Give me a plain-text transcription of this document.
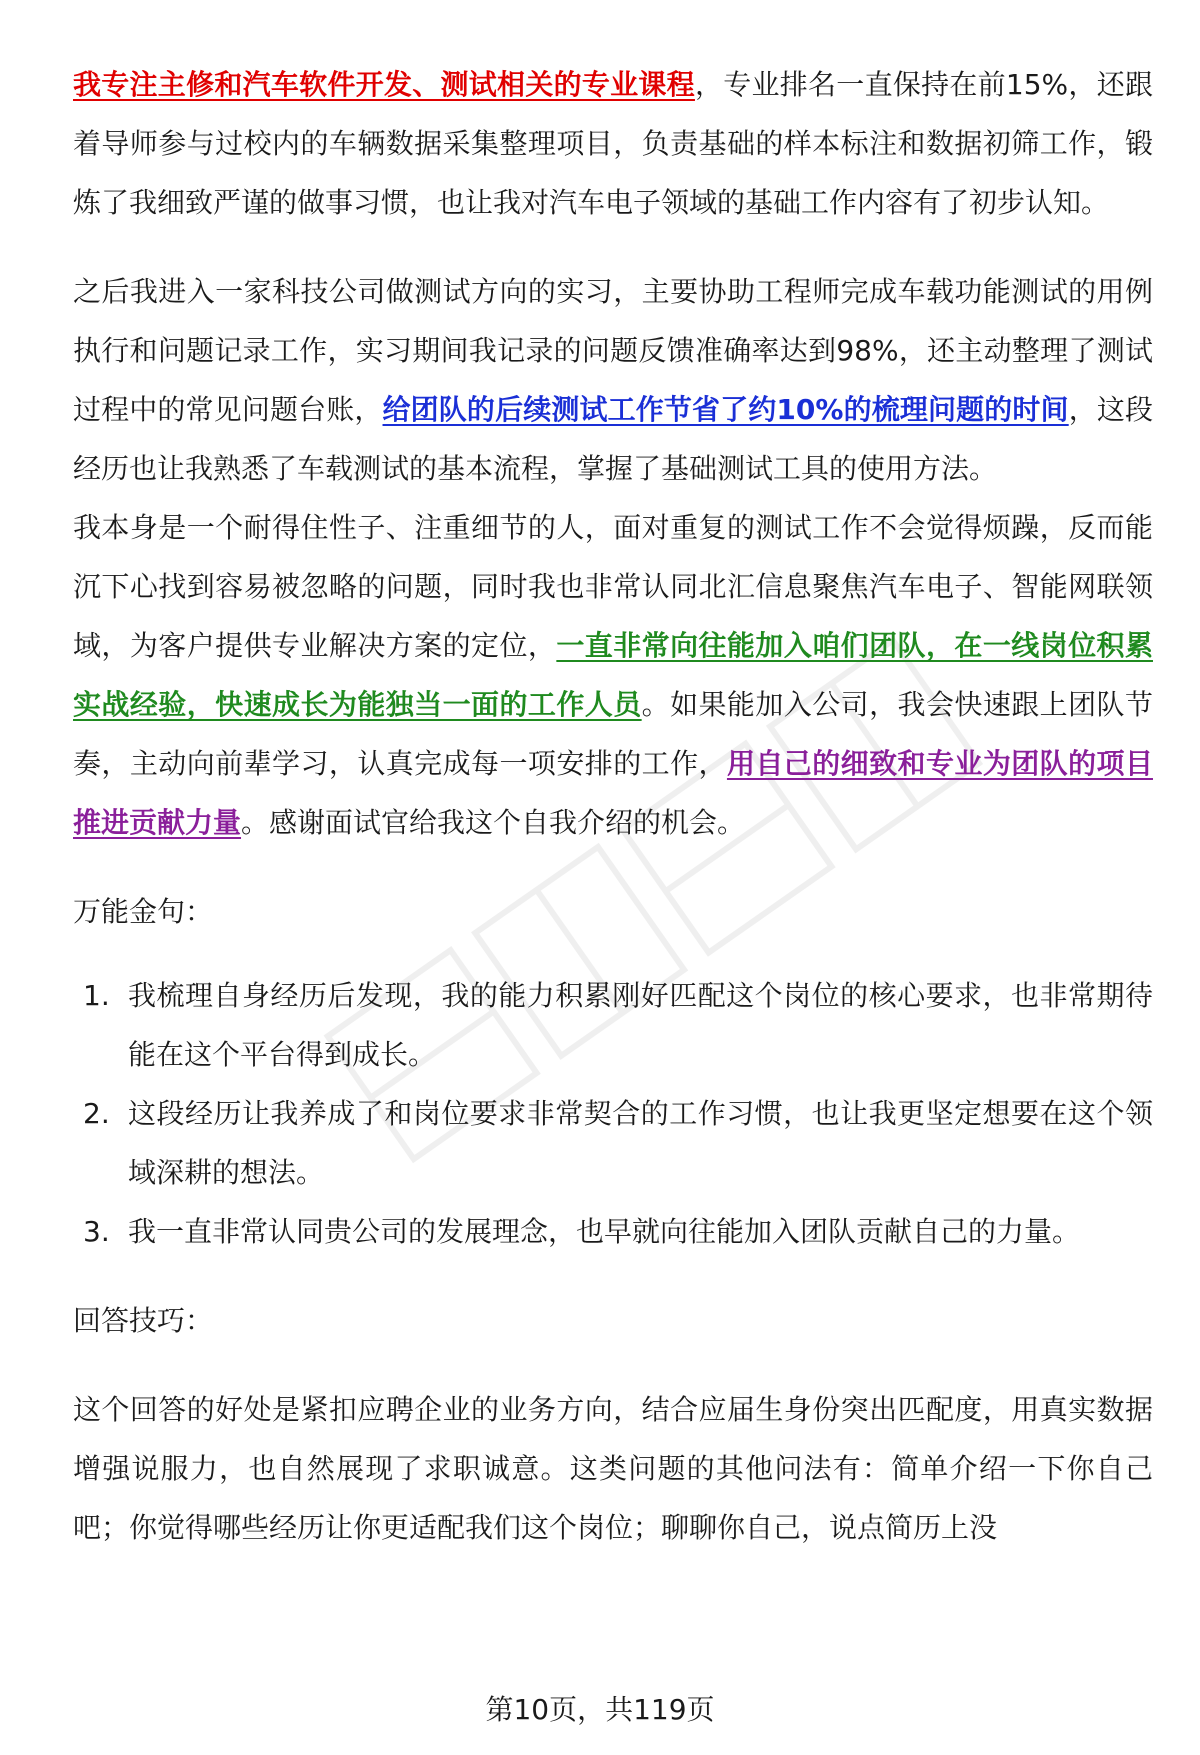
我专注主修和汽车软件开发、测试相关的专业课程，专业排名一直保持在前15%，还跟着导师参与过校内的车辆数据采集整理项目，负责基础的样本标注和数据初筛工作，锻炼了我细致严谨的做事习惯，也让我对汽车电子领域的基础工作内容有了初步认知。

之后我进入一家科技公司做测试方向的实习，主要协助工程师完成车载功能测试的用例执行和问题记录工作，实习期间我记录的问题反馈准确率达到98%，还主动整理了测试过程中的常见问题台账，给团队的后续测试工作节省了约10%的梳理问题的时间，这段经历也让我熟悉了车载测试的基本流程，掌握了基础测试工具的使用方法。

我本身是一个耐得住性子、注重细节的人，面对重复的测试工作不会觉得烦躁，反而能沉下心找到容易被忽略的问题，同时我也非常认同北汇信息聚焦汽车电子、智能网联领域，为客户提供专业解决方案的定位，一直非常向往能加入咱们团队，在一线岗位积累实战经验，快速成长为能独当一面的工作人员。如果能加入公司，我会快速跟上团队节奏，主动向前辈学习，认真完成每一项安排的工作，用自己的细致和专业为团队的项目推进贡献力量。感谢面试官给我这个自我介绍的机会。

万能金句：

1. 我梳理自身经历后发现，我的能力积累刚好匹配这个岗位的核心要求，也非常期待能在这个平台得到成长。
2. 这段经历让我养成了和岗位要求非常契合的工作习惯，也让我更坚定想要在这个领域深耕的想法。
3. 我一直非常认同贵公司的发展理念，也早就向往能加入团队贡献自己的力量。

回答技巧：

这个回答的好处是紧扣应聘企业的业务方向，结合应届生身份突出匹配度，用真实数据增强说服力，也自然展现了求职诚意。这类问题的其他问法有：简单介绍一下你自己吧；你觉得哪些经历让你更适配我们这个岗位；聊聊你自己，说点简历上没

第10页，共119页
